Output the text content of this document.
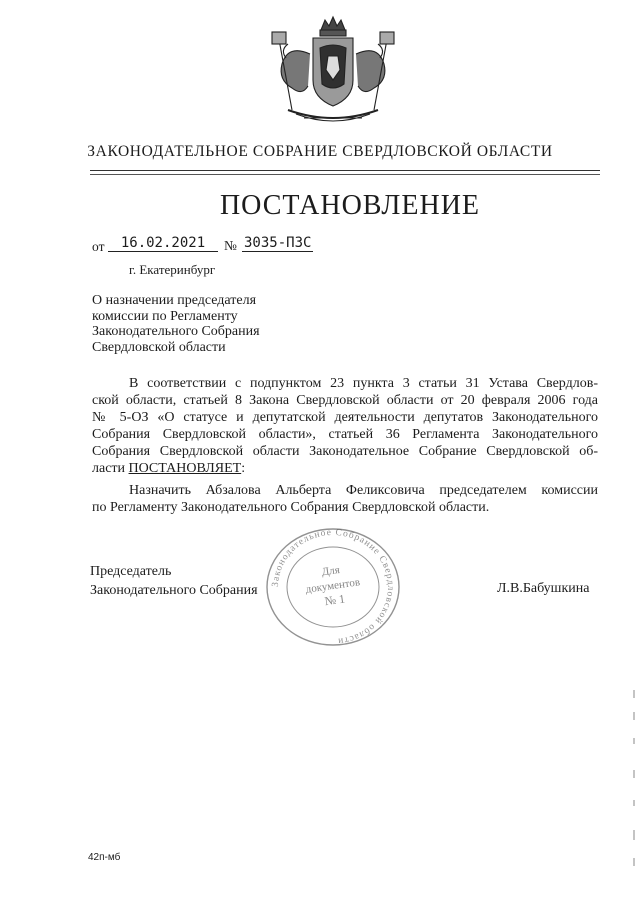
ЗАКОНОДАТЕЛЬНОЕ СОБРАНИЕ СВЕРДЛОВСКОЙ ОБЛАСТИ
ПОСТАНОВЛЕНИЕ
от	16.02.2021	№ 3035-ПЗС
г. Екатеринбург
О назначении председателя
комиссии по Регламенту
Законодательного Собрания
Свердловской области
В соответствии с подпунктом 23 пункта 3 статьи 31 Устава Свердлов-
ской области, статьей 8 Закона Свердловской области от 20 февраля 2006 года
№ 5-ОЗ «О статусе и депутатской деятельности депутатов Законодательного
Собрания Свердловской области», статьей 36 Регламента Законодательного
Собрания Свердловской области Законодательное Собрание Свердловской об-
ласти ПОСТАНОВЛЯЕТ:
Назначить Абзалова Альберта Феликсовича председателем комиссии
по Регламенту Законодательного Собрания Свердловской области.
Председатель
Законодательного Собрания	Л.В.Бабушкина
Законодательное Собрание Свердловской области
Для
документов
№ 1
42п-мб
